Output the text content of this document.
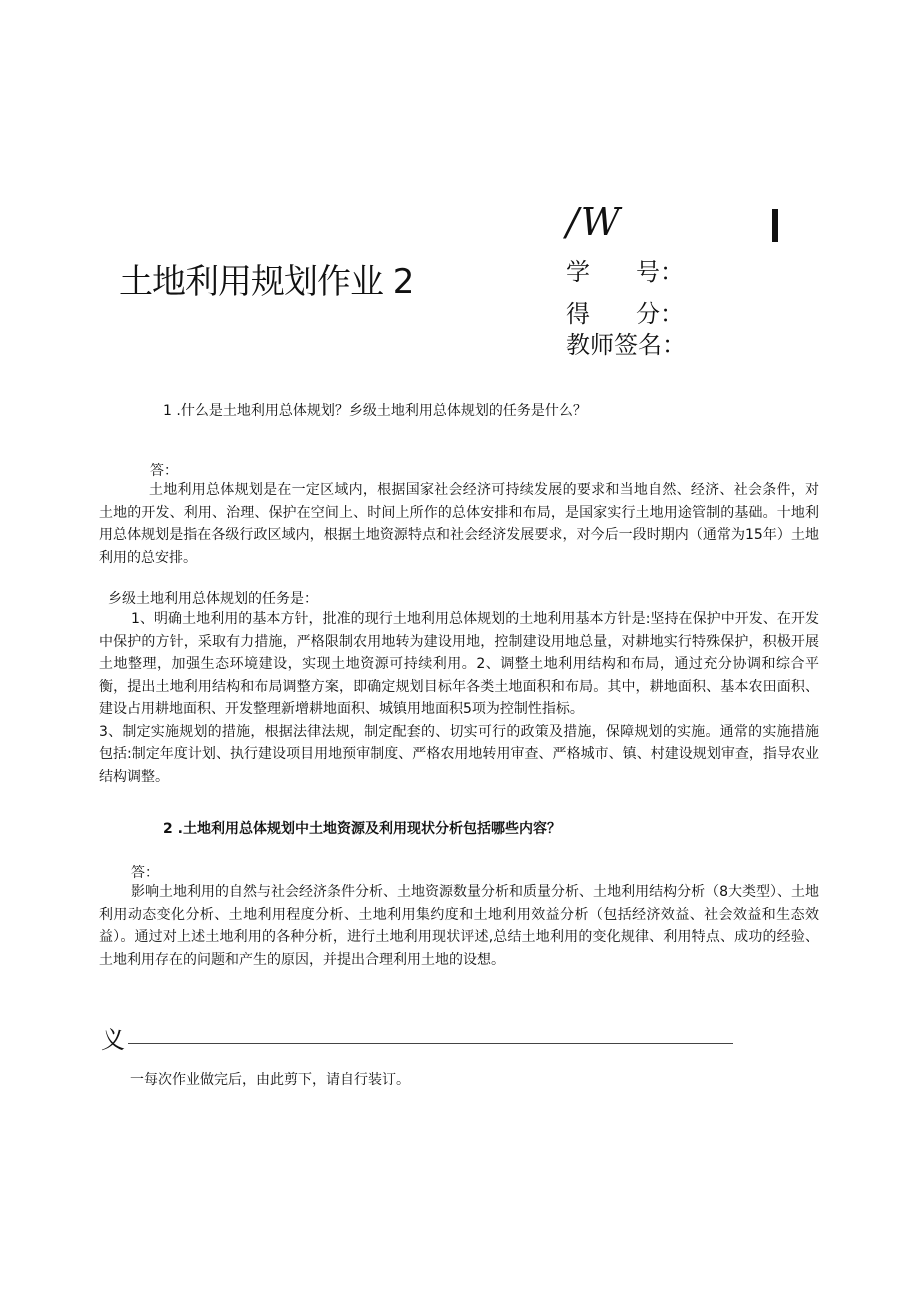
土地利用规划作业 2
/W
学 号：
得 分：
教师签名：
1 .什么是土地利用总体规划？乡级土地利用总体规划的任务是什么？
答：
土地利用总体规划是在一定区域内，根据国家社会经济可持续发展的要求和当地自然、经济、社会条件，对土地的开发、利用、治理、保护在空间上、时间上所作的总体安排和布局，是国家实行土地用途管制的基础。十地利用总体规划是指在各级行政区域内，根据土地资源特点和社会经济发展要求，对今后一段时期内（通常为15年）土地利用的总安排。
乡级土地利用总体规划的任务是：
1、明确土地利用的基本方针，批准的现行土地利用总体规划的土地利用基本方针是:坚持在保护中开发、在开发中保护的方针，采取有力措施，严格限制农用地转为建设用地，控制建设用地总量，对耕地实行特殊保护，积极开展土地整理，加强生态环境建设，实现土地资源可持续利用。2、调整土地利用结构和布局，通过充分协调和综合平衡，提出土地利用结构和布局调整方案，即确定规划目标年各类土地面积和布局。其中，耕地面积、基本农田面积、建设占用耕地面积、开发整理新增耕地面积、城镇用地面积5项为控制性指标。
3、制定实施规划的措施，根据法律法规，制定配套的、切实可行的政策及措施，保障规划的实施。通常的实施措施包括:制定年度计划、执行建设项目用地预审制度、严格农用地转用审查、严格城市、镇、村建设规划审查，指导农业结构调整。
2 .土地利用总体规划中土地资源及利用现状分析包括哪些内容？
答：
影响土地利用的自然与社会经济条件分析、土地资源数量分析和质量分析、土地利用结构分析（8大类型）、土地利用动态变化分析、土地利用程度分析、土地利用集约度和土地利用效益分析（包括经济效益、社会效益和生态效益）。通过对上述土地利用的各种分析，进行土地利用现状评述,总结土地利用的变化规律、利用特点、成功的经验、土地利用存在的问题和产生的原因，并提出合理利用土地的设想。
义
一每次作业做完后，由此剪下，请自行装订。
